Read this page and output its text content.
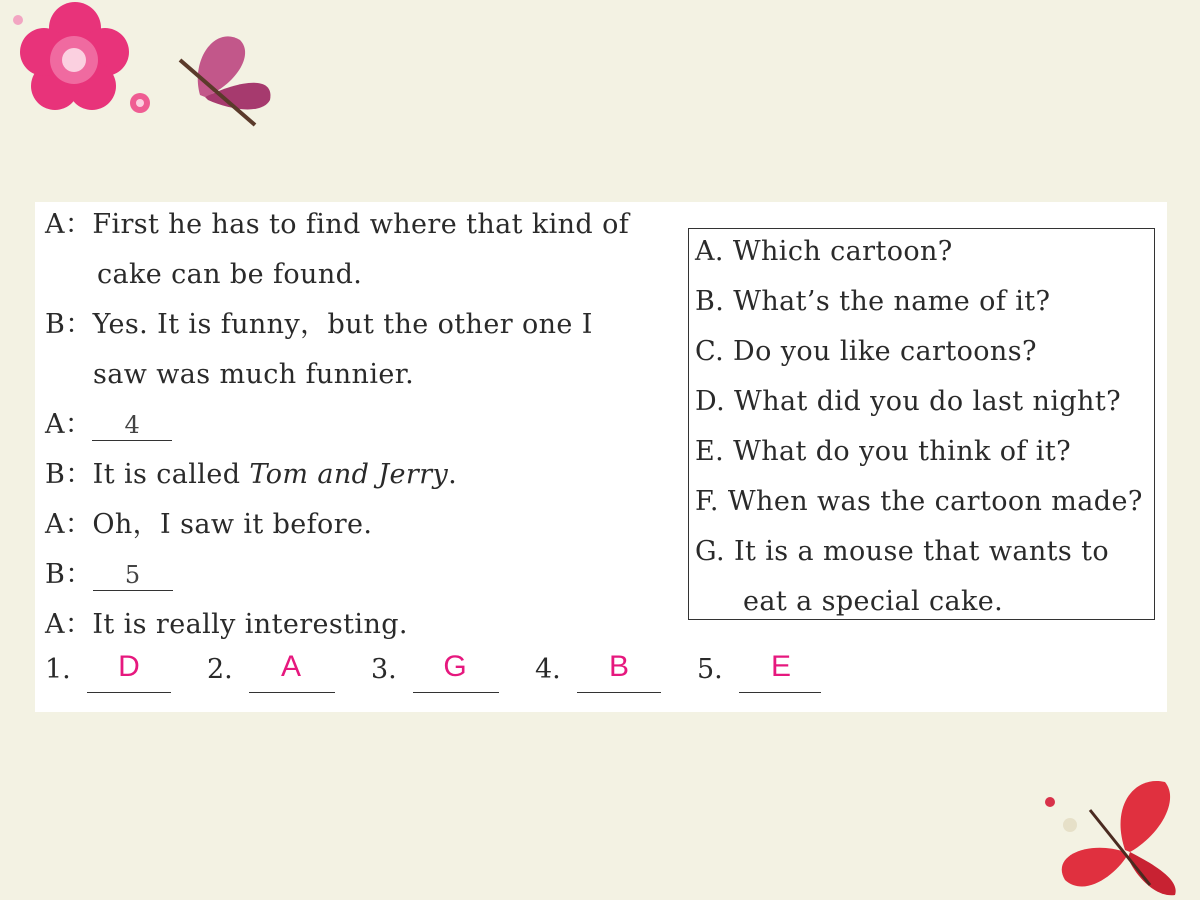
A：First he has to find where that kind of
cake can be found.
B：Yes. It is funny，but the other one I
saw was much funnier.
A： 4
B：It is called Tom and Jerry.
A：Oh，I saw it before.
B： 5
A：It is really interesting.
A. Which cartoon?
B. What’s the name of it?
C. Do you like cartoons?
D. What did you do last night?
E. What do you think of it?
F. When was the cartoon made?
G. It is a mouse that wants to
eat a special cake.
1.	D	2.	A	3.	G	4.	B	5.	E
